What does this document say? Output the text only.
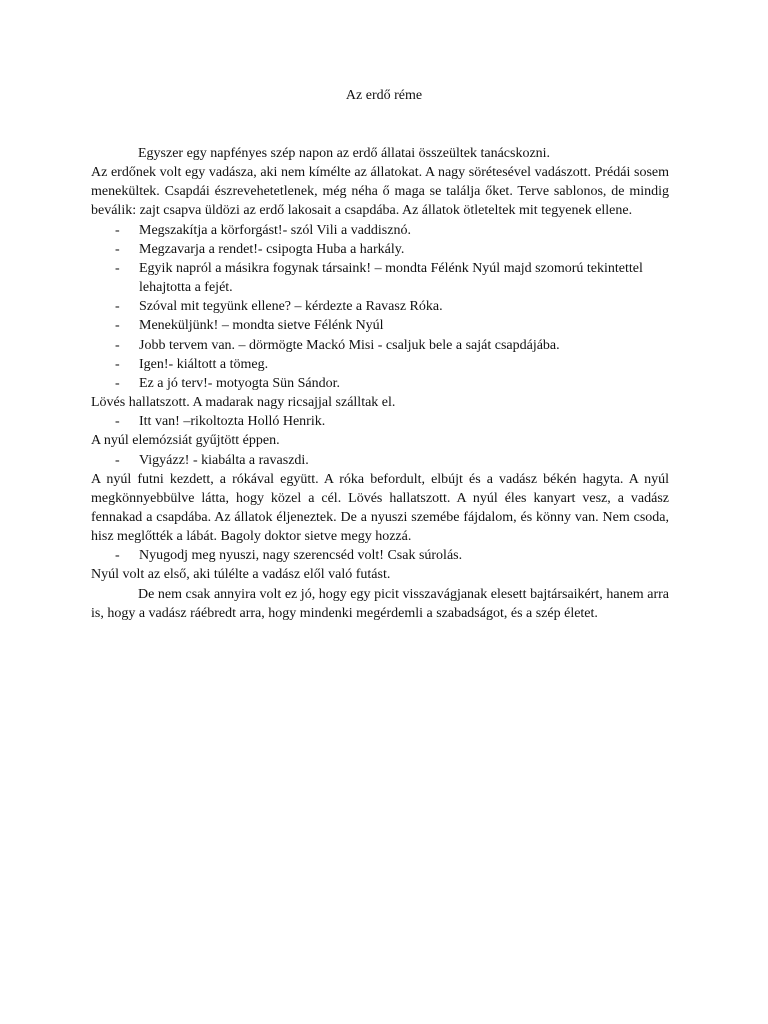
Az erdő réme

Egyszer egy napfényes szép napon az erdő állatai összeültek tanácskozni.

Az erdőnek volt egy vadásza, aki nem kímélte az állatokat. A nagy sörétesével vadászott. Prédái sosem menekültek. Csapdái észrevehetetlenek, még néha ő maga se találja őket. Terve sablonos, de mindig beválik: zajt csapva üldözi az erdő lakosait a csapdába. Az állatok ötleteltek mit tegyenek ellene.

- Megszakítja a körforgást!- szól Vili a vaddisznó.
- Megzavarja a rendet!- csipogta Huba a harkály.
- Egyik napról a másikra fogynak társaink! – mondta Félénk Nyúl majd szomorú tekintettel lehajtotta a fejét.
- Szóval mit tegyünk ellene? – kérdezte a Ravasz Róka.
- Meneküljünk! – mondta sietve Félénk Nyúl
- Jobb tervem van. – dörmögte Mackó Misi - csaljuk bele a saját csapdájába.
- Igen!- kiáltott a tömeg.
- Ez a jó terv!- motyogta Sün Sándor.

Lövés hallatszott. A madarak nagy ricsajjal szálltak el.

- Itt van! –rikoltozta Holló Henrik.

A nyúl elemózsiát gyűjtött éppen.

- Vigyázz! - kiabálta a ravaszdi.

A nyúl futni kezdett, a rókával együtt. A róka befordult, elbújt és a vadász békén hagyta. A nyúl megkönnyebbülve látta, hogy közel a cél. Lövés hallatszott. A nyúl éles kanyart vesz, a vadász fennakad a csapdába. Az állatok éljeneztek. De a nyuszi szemébe fájdalom, és könny van. Nem csoda, hisz meglőtték a lábát. Bagoly doktor sietve megy hozzá.

- Nyugodj meg nyuszi, nagy szerencséd volt! Csak súrolás.

Nyúl volt az első, aki túlélte a vadász elől való futást.

De nem csak annyira volt ez jó, hogy egy picit visszavágjanak elesett bajtársaikért, hanem arra is, hogy a vadász ráébredt arra, hogy mindenki megérdemli a szabadságot, és a szép életet.
